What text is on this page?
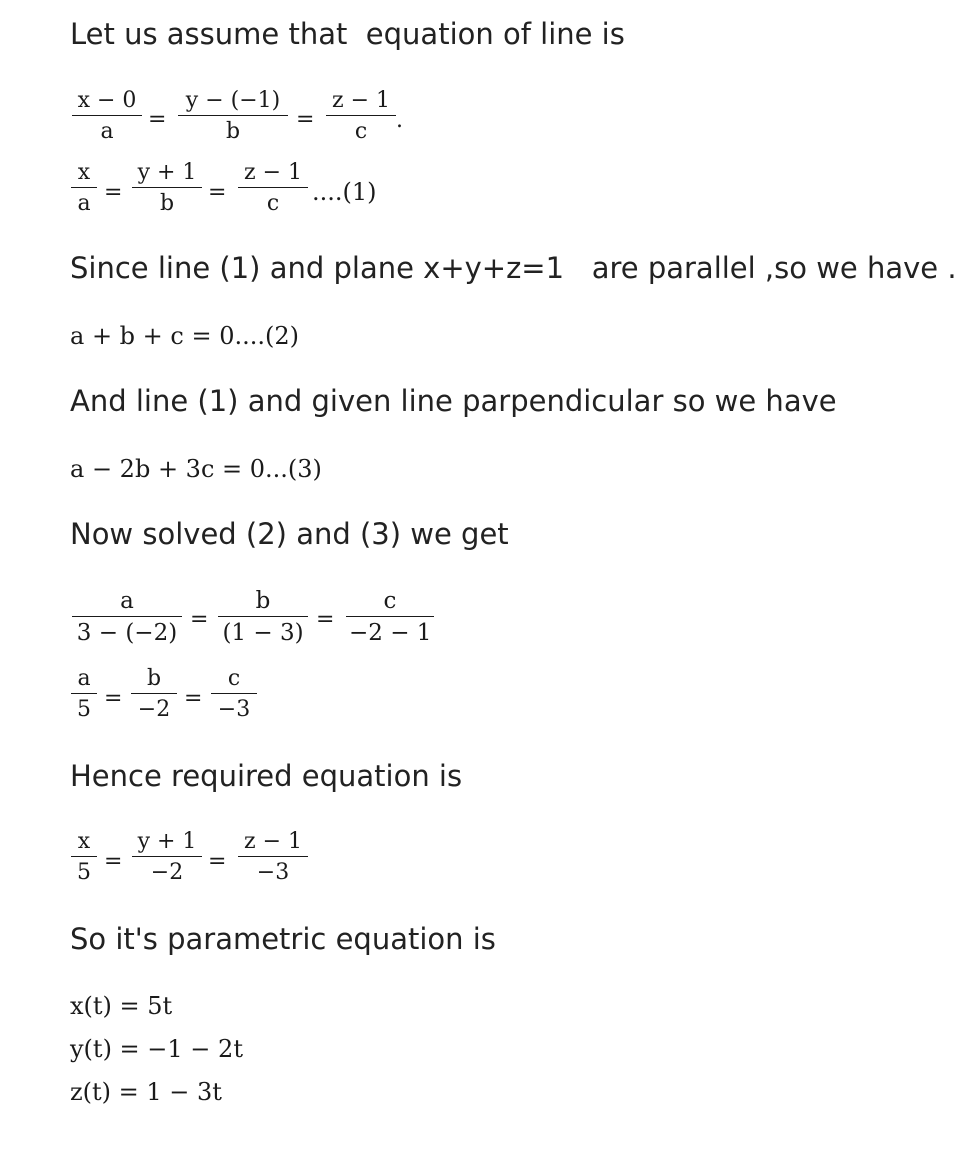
Let us assume that  equation of line is
$\frac{x - 0}{a} = \frac{y - (-1)}{b} = \frac{z - 1}{c}$ .
$\frac{x}{a} = \frac{y + 1}{b} = \frac{z - 1}{c} ....(1)$
Since line (1) and plane x+y+z=1   are parallel ,so we have .
a + b + c = 0....(2)
And line (1) and given line parpendicular so we have
a − 2b + 3c = 0...(3)
Now solved (2) and (3) we get
$\frac{a}{3 - (-2)} = \frac{b}{(1 - 3)} = \frac{c}{-2 - 1}$
$\frac{a}{5} = \frac{b}{-2} = \frac{c}{-3}$
Hence required equation is
$\frac{x}{5} = \frac{y + 1}{-2} = \frac{z - 1}{-3}$
So it's parametric equation is
x(t) = 5t
y(t) = −1 − 2t
z(t) = 1 − 3t
